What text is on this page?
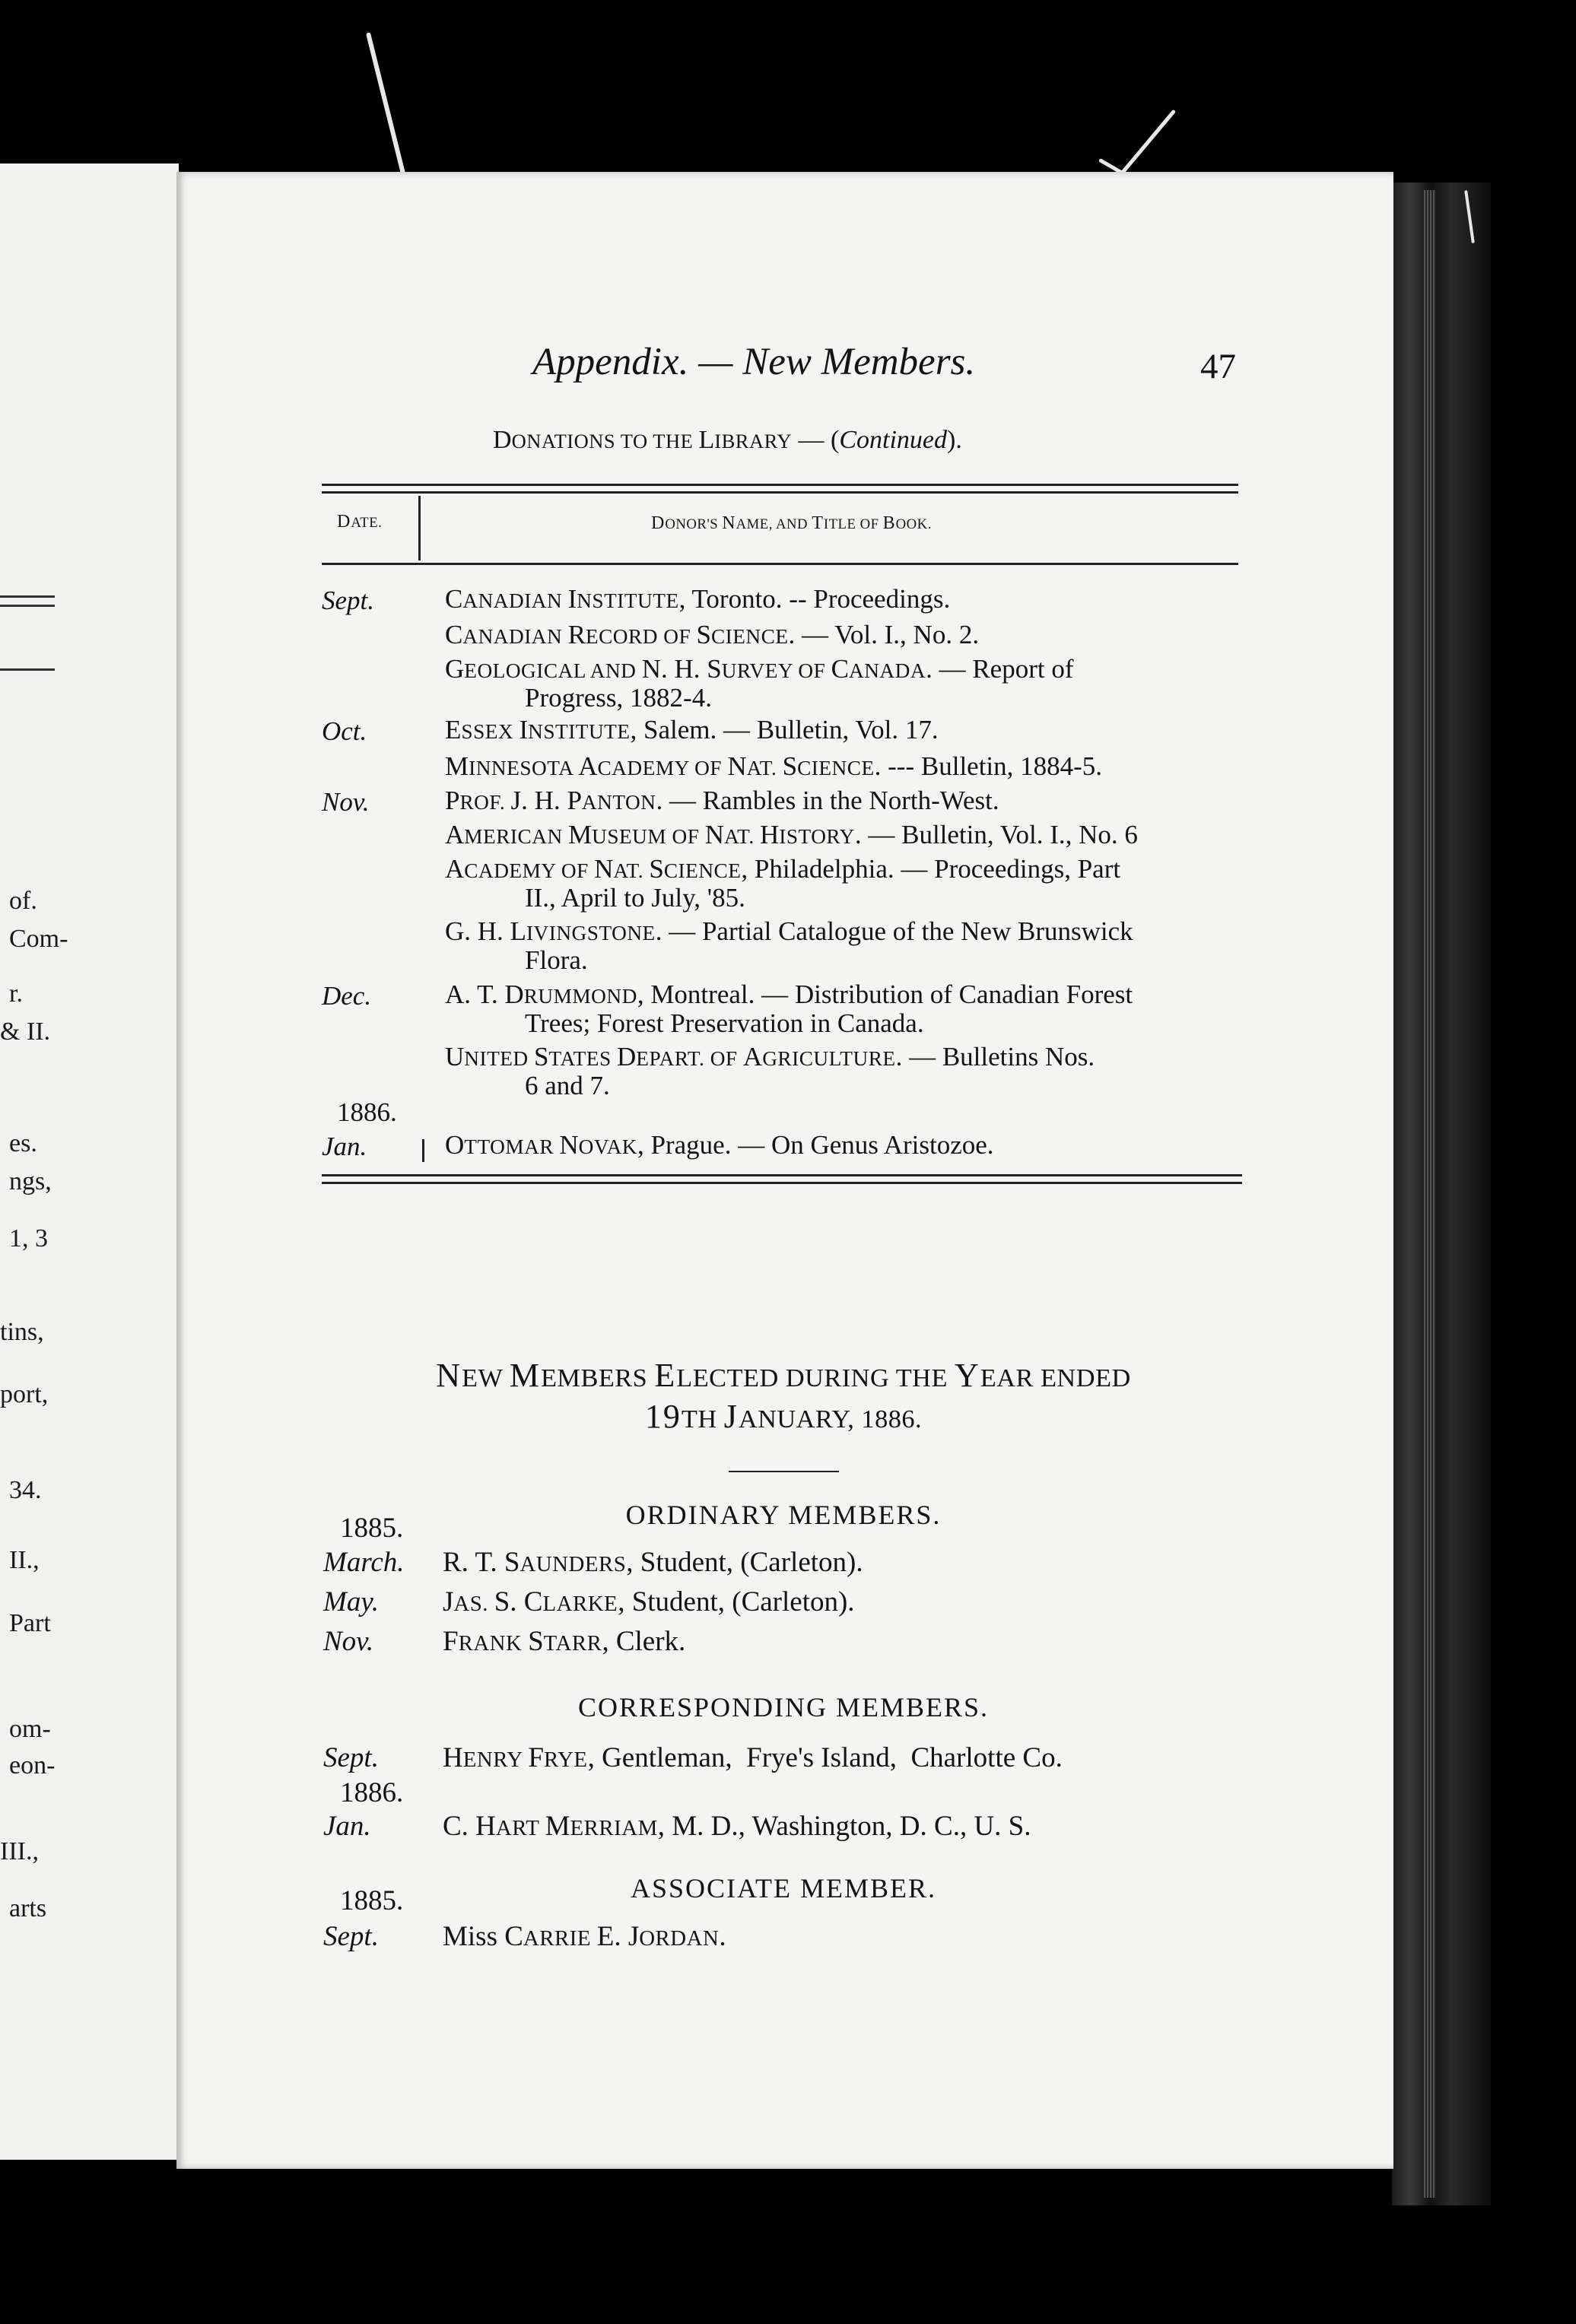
of.
Com-
r.
& II.
es.
ngs,
1, 3
tins,
port,
34.
II.,
Part
om-
eon-
III.,
arts
Appendix. — New Members.	47
DONATIONS TO THE LIBRARY — (Continued).
DATE.	DONOR'S NAME, AND TITLE OF BOOK.
Sept.	CANADIAN INSTITUTE, Toronto. -- Proceedings.
CANADIAN RECORD OF SCIENCE. — Vol. I., No. 2.
GEOLOGICAL AND N. H. SURVEY OF CANADA. — Report of
Progress, 1882-4.
Oct.	ESSEX INSTITUTE, Salem. — Bulletin, Vol. 17.
MINNESOTA ACADEMY OF NAT. SCIENCE. --- Bulletin, 1884-5.
Nov.	PROF. J. H. PANTON. — Rambles in the North-West.
AMERICAN MUSEUM OF NAT. HISTORY. — Bulletin, Vol. I., No. 6
ACADEMY OF NAT. SCIENCE, Philadelphia. — Proceedings, Part
II., April to July, '85.
G. H. LIVINGSTONE. — Partial Catalogue of the New Brunswick
Flora.
Dec.	A. T. DRUMMOND, Montreal. — Distribution of Canadian Forest
Trees; Forest Preservation in Canada.
UNITED STATES DEPART. OF AGRICULTURE. — Bulletins Nos.
6 and 7.
1886.
Jan.	OTTOMAR NOVAK, Prague. — On Genus Aristozoe.
NEW MEMBERS ELECTED DURING THE YEAR ENDED
19TH JANUARY, 1886.
ORDINARY MEMBERS.
1885.
March. R. T. SAUNDERS, Student, (Carleton).
May. JAS. S. CLARKE, Student, (Carleton).
Nov. FRANK STARR, Clerk.
CORRESPONDING MEMBERS.
Sept. HENRY FRYE, Gentleman,  Frye's Island,  Charlotte Co.
1886.
Jan.	C. HART MERRIAM, M. D., Washington, D. C., U. S.
ASSOCIATE MEMBER.
1885.
Sept. Miss CARRIE E. JORDAN.
